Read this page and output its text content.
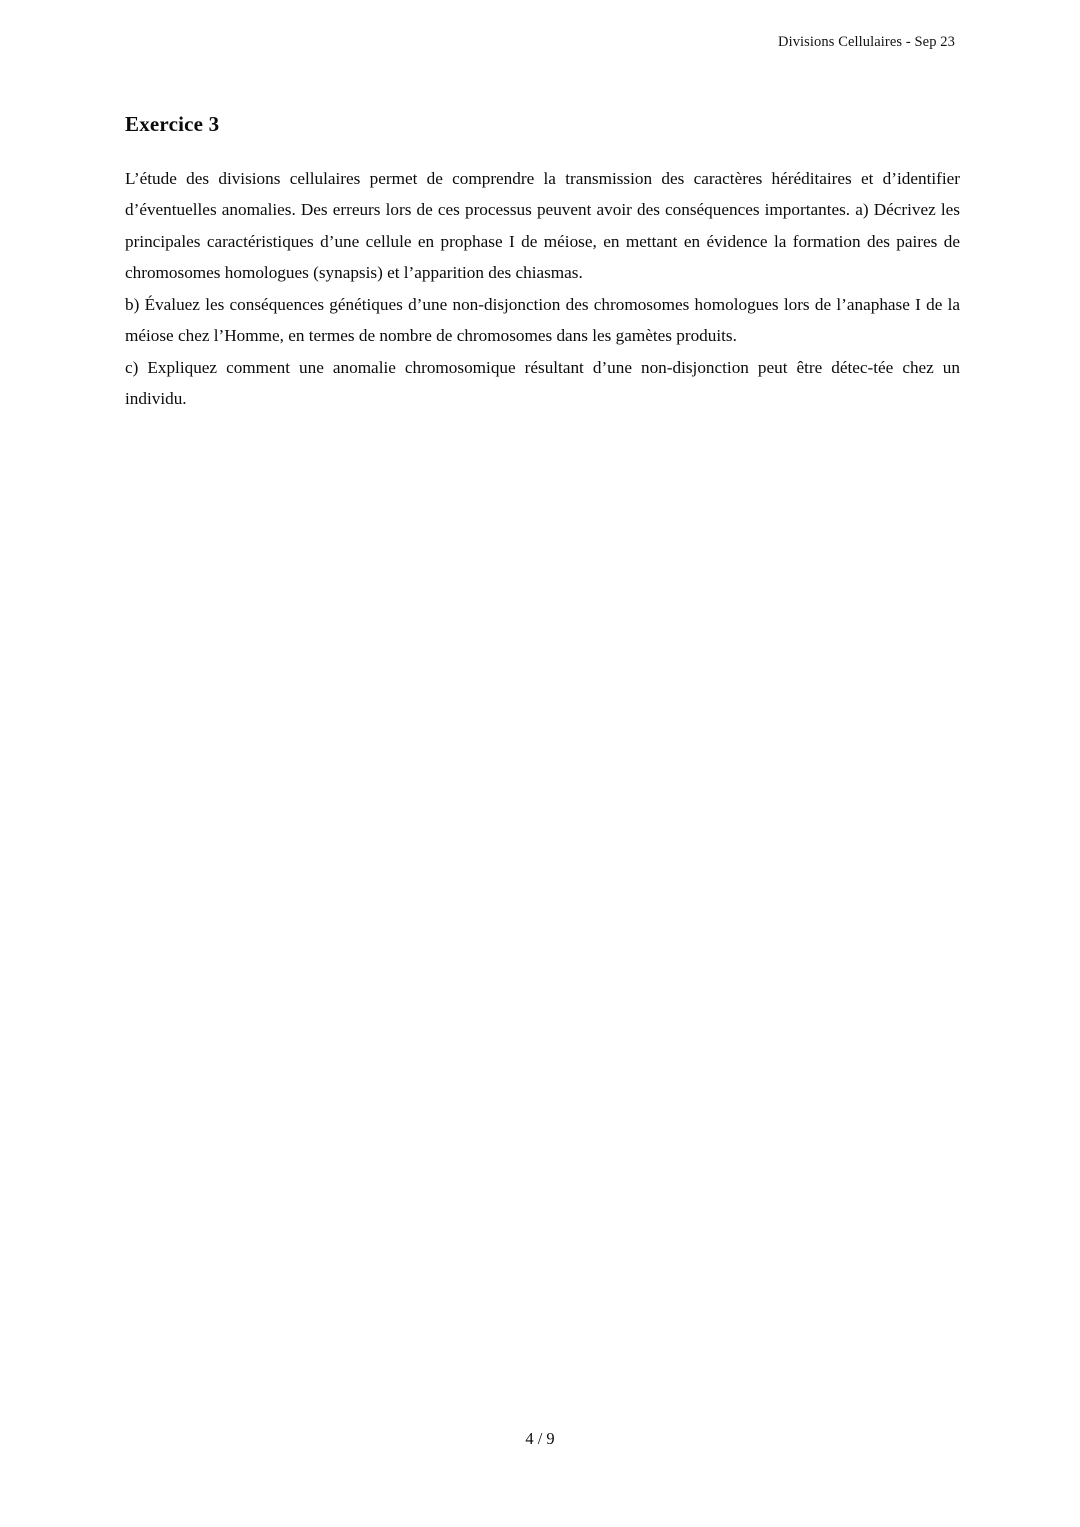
Divisions Cellulaires - Sep 23
Exercice 3

L’étude des divisions cellulaires permet de comprendre la transmission des caractères héréditaires et d’identifier d’éventuelles anomalies. Des erreurs lors de ces processus peuvent avoir des conséquences importantes. a) Décrivez les principales caractéristiques d’une cellule en prophase I de méiose, en mettant en évidence la formation des paires de chromosomes homologues (synapsis) et l’apparition des chiasmas.

b) Évaluez les conséquences génétiques d’une non-disjonction des chromosomes homologues lors de l’anaphase I de la méiose chez l’Homme, en termes de nombre de chromosomes dans les gamètes produits.

c) Expliquez comment une anomalie chromosomique résultant d’une non-disjonction peut être détec-tée chez un individu.

4 / 9
